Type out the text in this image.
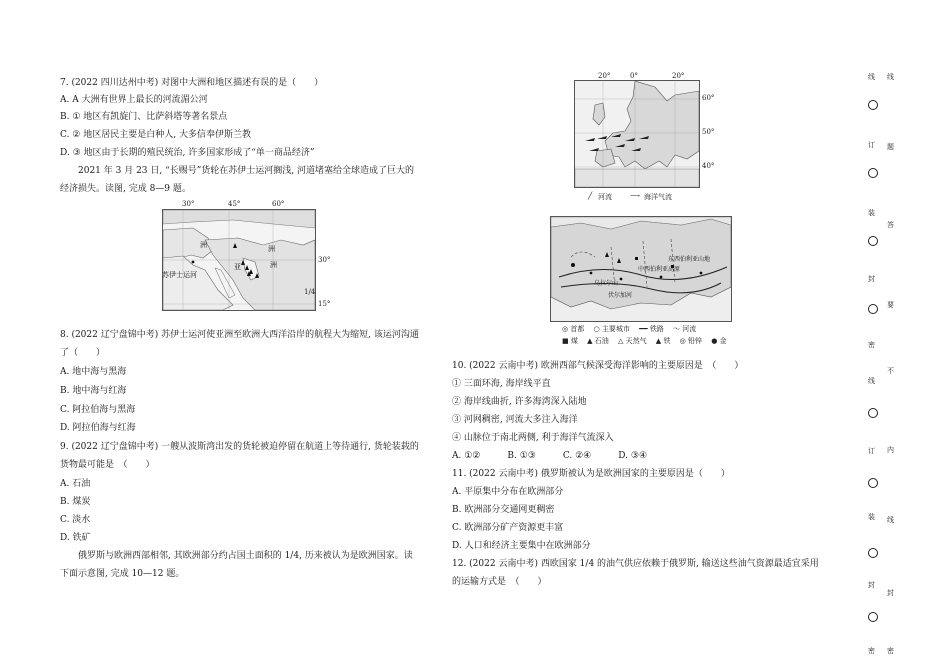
7. (2022 四川达州中考) 对图中大洲和地区描述有误的是（　　）
A. A 大洲有世界上最长的河流湄公河
B. ① 地区有凯旋门、比萨斜塔等著名景点
C. ② 地区居民主要是白种人, 大多信奉伊斯兰教
D. ③ 地区由于长期的殖民统治, 许多国家形成了“单一商品经济”
2021 年 3 月 23 日, “长赐号”货轮在苏伊士运河搁浅, 河道堵塞给全球造成了巨大的
经济损失。读图, 完成 8—9 题。
8. (2022 辽宁盘锦中考) 苏伊士运河使亚洲至欧洲大西洋沿岸的航程大为缩短, 该运河沟通
了（　　）
A. 地中海与黑海
B. 地中海与红海
C. 阿拉伯海与黑海
D. 阿拉伯海与红海
9. (2022 辽宁盘锦中考) 一艘从波斯湾出发的货轮被迫停留在航道上等待通行, 货轮装载的
货物最可能是　（　　）
A. 石油
B. 煤炭
C. 淡水
D. 铁矿
俄罗斯与欧洲西部相邻, 其欧洲部分约占国土面积的 1/4, 历来被认为是欧洲国家。读
下面示意图, 完成 10—12 题。
30°	45°	60°
洲	洲
亚	洲
苏伊士运河
30°
1/4
15°
20°	0°	20°
60°
50°
40°
╱ 河流	⟶ 海洋气流
乌拉尔山
伏尔加河
东西伯利亚山地
中西伯利亚高原
◎ 首都 　○ 主要城市 　━━ 铁路 　～ 河流
■ 煤 　▲ 石油 　△ 天然气 　▲ 铁 　◎ 铅锌 　● 金
10. (2022 云南中考) 欧洲西部气候深受海洋影响的主要原因是　（　　）
① 三面环海, 海岸线平直
② 海岸线曲折, 许多海湾深入陆地
③ 河网稠密, 河流大多注入海洋
④ 山脉位于南北两侧, 利于海洋气流深入
A. ①②　　　B. ①③　　　C. ②④　　　D. ③④
11. (2022 云南中考) 俄罗斯被认为是欧洲国家的主要原因是（　　）
A. 平原集中分布在欧洲部分
B. 欧洲部分交通网更稠密
C. 欧洲部分矿产资源更丰富
D. 人口和经济主要集中在欧洲部分
12. (2022 云南中考) 西欧国家 1/4 的油气供应依赖于俄罗斯, 输送这些油气资源最适宜采用
的运输方式是　（　　）
线
题
答
要
不
内
线
封
密
线
订
装
封
密
线
订
装
封
密
